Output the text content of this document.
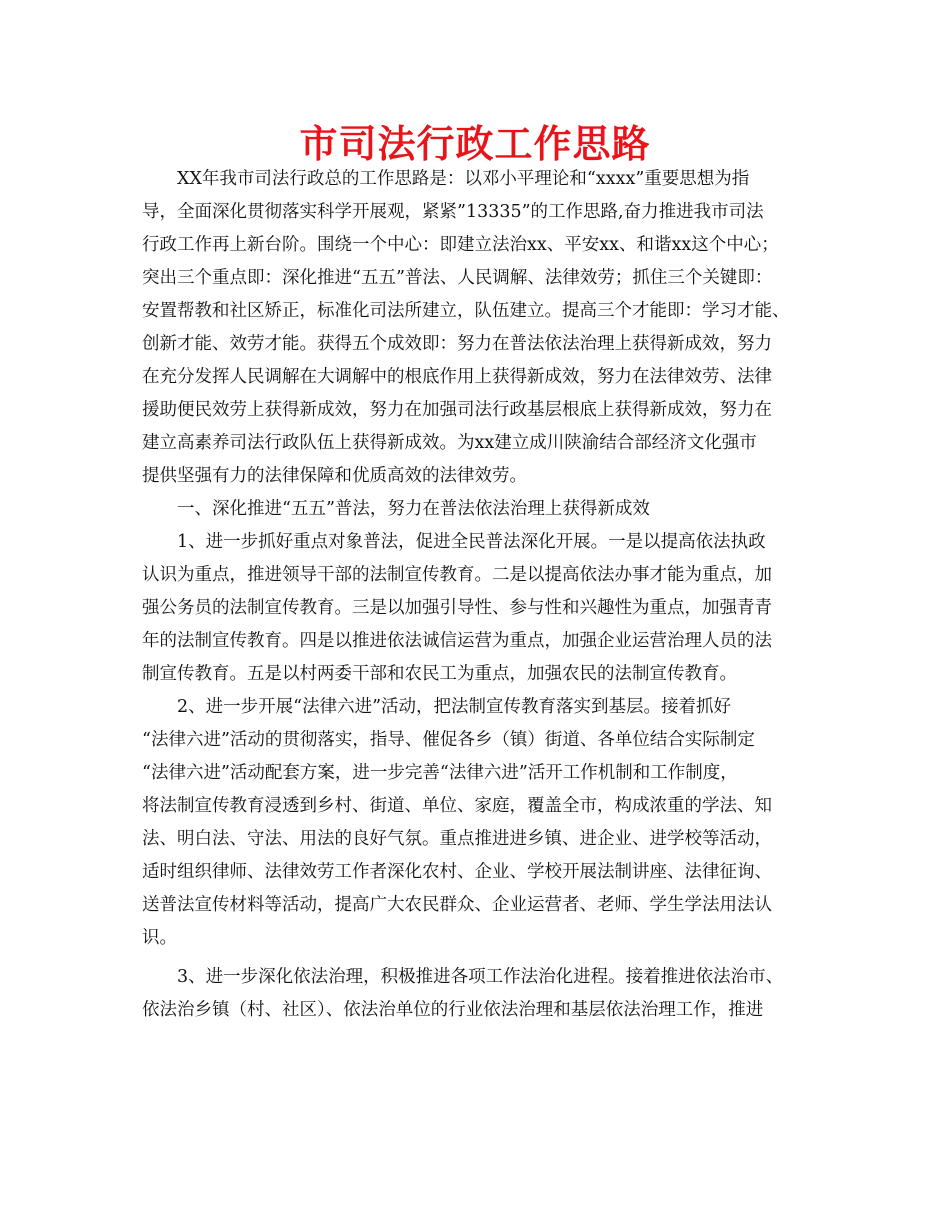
市司法行政工作思路
XX年我市司法行政总的工作思路是：以邓小平理论和“xxxx”重要思想为指
导，全面深化贯彻落实科学开展观，紧紧”13335”的工作思路,奋力推进我市司法
行政工作再上新台阶。围绕一个中心：即建立法治xx、平安xx、和谐xx这个中心；
突出三个重点即：深化推进“五五”普法、人民调解、法律效劳；抓住三个关键即：
安置帮教和社区矫正，标准化司法所建立，队伍建立。提高三个才能即：学习才能、
创新才能、效劳才能。获得五个成效即：努力在普法依法治理上获得新成效，努力
在充分发挥人民调解在大调解中的根底作用上获得新成效，努力在法律效劳、法律
援助便民效劳上获得新成效，努力在加强司法行政基层根底上获得新成效，努力在
建立高素养司法行政队伍上获得新成效。为xx建立成川陕渝结合部经济文化强市
提供坚强有力的法律保障和优质高效的法律效劳。
一、深化推进“五五”普法，努力在普法依法治理上获得新成效
1、进一步抓好重点对象普法，促进全民普法深化开展。一是以提高依法执政
认识为重点，推进领导干部的法制宣传教育。二是以提高依法办事才能为重点，加
强公务员的法制宣传教育。三是以加强引导性、参与性和兴趣性为重点，加强青青
年的法制宣传教育。四是以推进依法诚信运营为重点，加强企业运营治理人员的法
制宣传教育。五是以村两委干部和农民工为重点，加强农民的法制宣传教育。
2、进一步开展“法律六进”活动，把法制宣传教育落实到基层。接着抓好
“法律六进”活动的贯彻落实，指导、催促各乡（镇）街道、各单位结合实际制定
“法律六进”活动配套方案，进一步完善“法律六进”活开工作机制和工作制度，
将法制宣传教育浸透到乡村、街道、单位、家庭，覆盖全市，构成浓重的学法、知
法、明白法、守法、用法的良好气氛。重点推进进乡镇、进企业、进学校等活动，
适时组织律师、法律效劳工作者深化农村、企业、学校开展法制讲座、法律征询、
送普法宣传材料等活动，提高广大农民群众、企业运营者、老师、学生学法用法认
识。
3、进一步深化依法治理，积极推进各项工作法治化进程。接着推进依法治市、
依法治乡镇（村、社区）、依法治单位的行业依法治理和基层依法治理工作，推进
